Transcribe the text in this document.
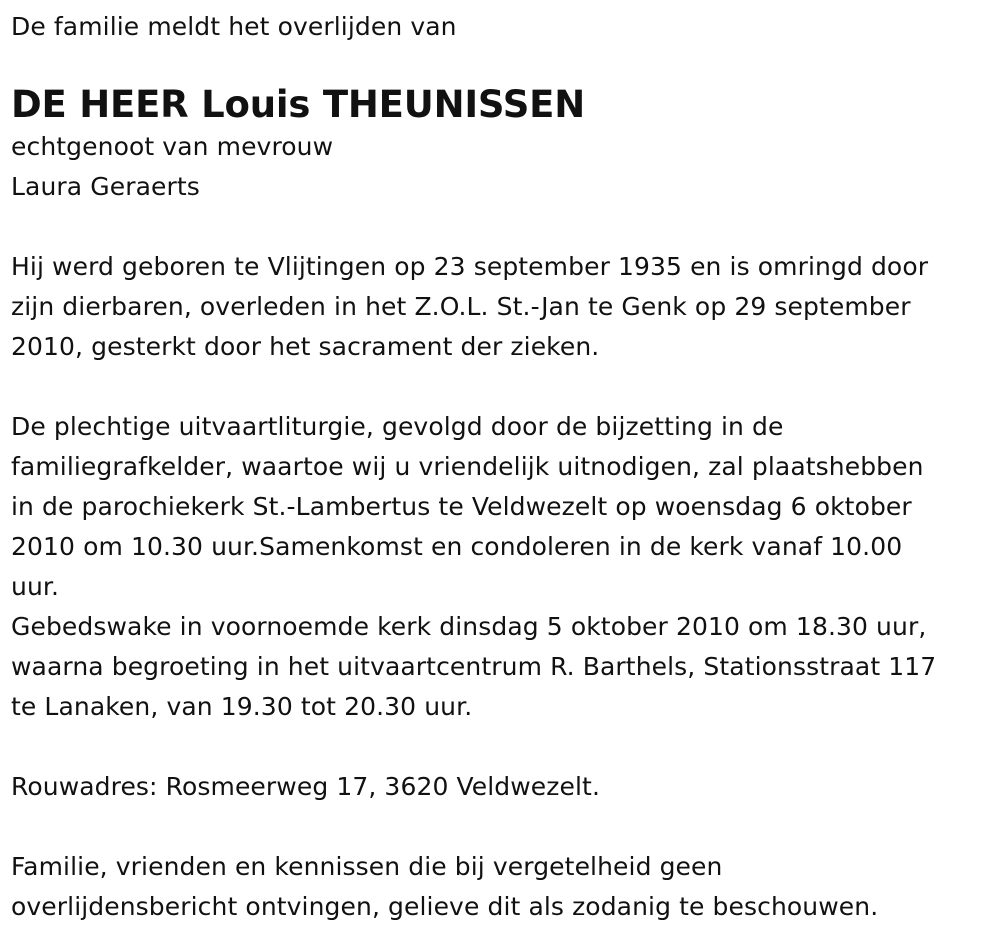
De familie meldt het overlijden van
DE HEER Louis THEUNISSEN
echtgenoot van mevrouw
Laura Geraerts
Hij werd geboren te Vlijtingen op 23 september 1935 en is omringd door
zijn dierbaren, overleden in het Z.O.L. St.-Jan te Genk op 29 september
2010, gesterkt door het sacrament der zieken.
De plechtige uitvaartliturgie, gevolgd door de bijzetting in de
familiegrafkelder, waartoe wij u vriendelijk uitnodigen, zal plaatshebben
in de parochiekerk St.-Lambertus te Veldwezelt op woensdag 6 oktober
2010 om 10.30 uur.Samenkomst en condoleren in de kerk vanaf 10.00
uur.
Gebedswake in voornoemde kerk dinsdag 5 oktober 2010 om 18.30 uur,
waarna begroeting in het uitvaartcentrum R. Barthels, Stationsstraat 117
te Lanaken, van 19.30 tot 20.30 uur.
Rouwadres: Rosmeerweg 17, 3620 Veldwezelt.
Familie, vrienden en kennissen die bij vergetelheid geen
overlijdensbericht ontvingen, gelieve dit als zodanig te beschouwen.
